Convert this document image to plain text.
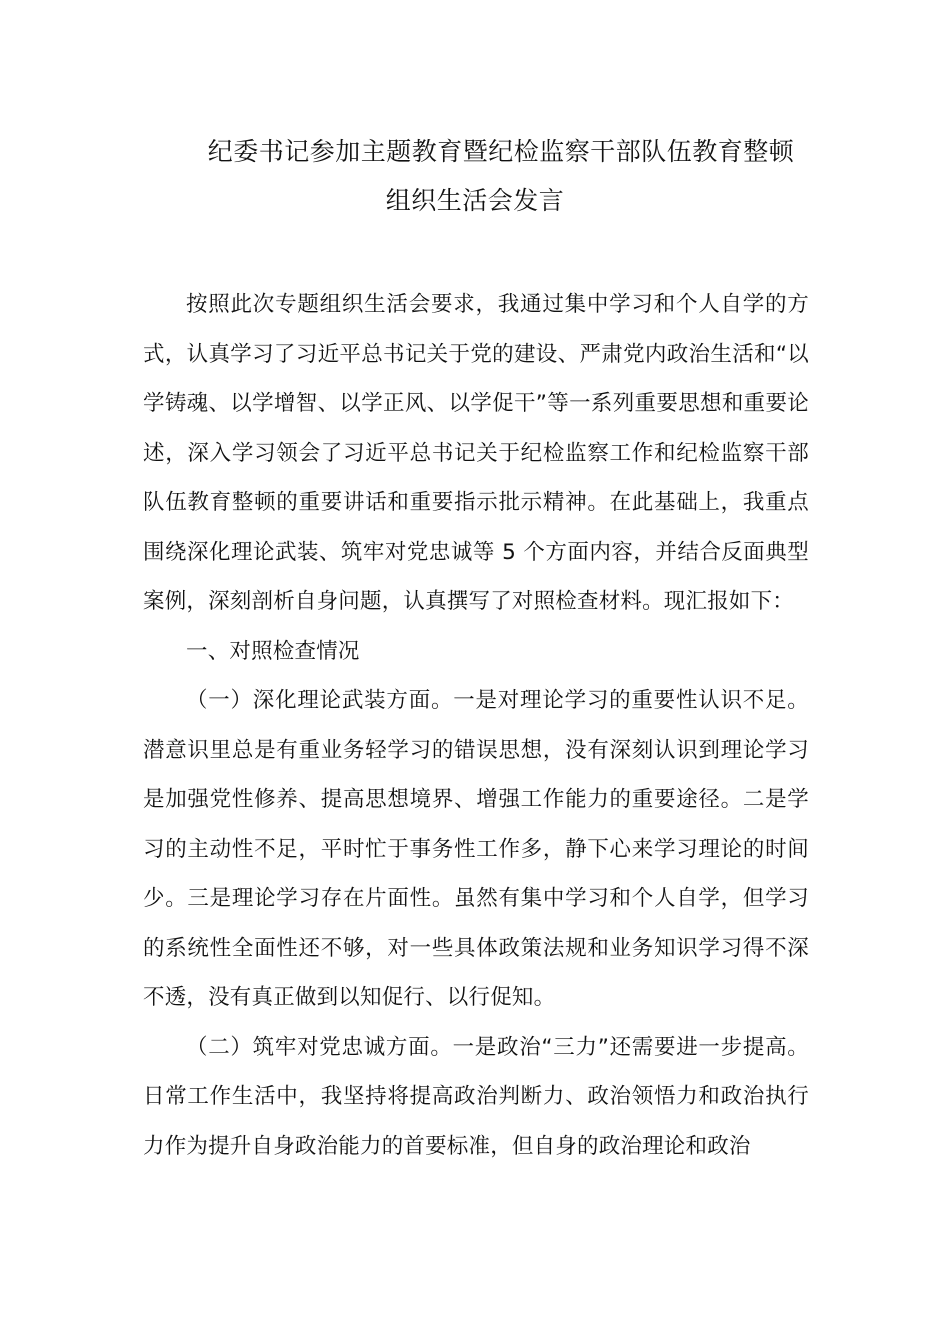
纪委书记参加主题教育暨纪检监察干部队伍教育整顿
组织生活会发言

按照此次专题组织生活会要求，我通过集中学习和个人自学的方式，认真学习了习近平总书记关于党的建设、严肃党内政治生活和“以学铸魂、以学增智、以学正风、以学促干”等一系列重要思想和重要论述，深入学习领会了习近平总书记关于纪检监察工作和纪检监察干部队伍教育整顿的重要讲话和重要指示批示精神。在此基础上，我重点围绕深化理论武装、筑牢对党忠诚等 5 个方面内容，并结合反面典型案例，深刻剖析自身问题，认真撰写了对照检查材料。现汇报如下：

一、对照检查情况

（一）深化理论武装方面。一是对理论学习的重要性认识不足。潜意识里总是有重业务轻学习的错误思想，没有深刻认识到理论学习是加强党性修养、提高思想境界、增强工作能力的重要途径。二是学习的主动性不足，平时忙于事务性工作多，静下心来学习理论的时间少。三是理论学习存在片面性。虽然有集中学习和个人自学，但学习的系统性全面性还不够，对一些具体政策法规和业务知识学习得不深不透，没有真正做到以知促行、以行促知。

（二）筑牢对党忠诚方面。一是政治“三力”还需要进一步提高。日常工作生活中，我坚持将提高政治判断力、政治领悟力和政治执行力作为提升自身政治能力的首要标准，但自身的政治理论和政治
